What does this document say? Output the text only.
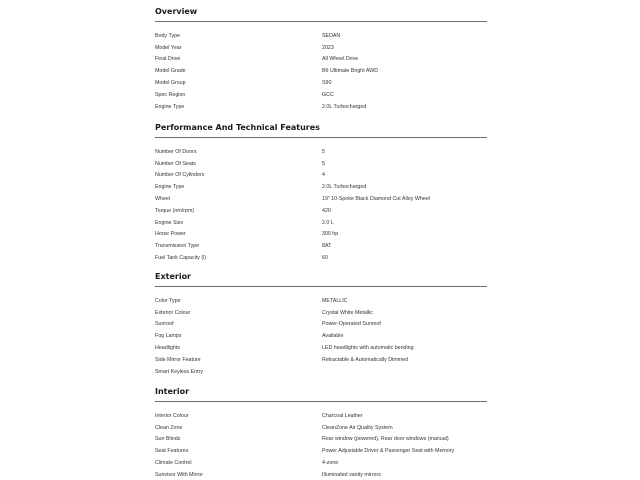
Overview
Body Type	SEDAN
Model Year	2023
Final Drive	All Wheel Drive
Model Grade	B6 Ultimate Bright AWD
Model Group	S90
Spec Region	GCC
Engine Type	2.0L Turbocharged
Performance And Technical Features
Number Of Doors	5
Number Of Seats	5
Number Of Cylinders	4
Engine Type	2.0L Turbocharged
Wheel	19" 10-Spoke Black Diamond Cut Alloy Wheel
Torque (nm/rpm)	420
Engine Size	2.0 L
Horse Power	300 hp
Transmission Type	8AT
Fuel Tank Capacity (l)	60
Exterior
Color Type	METALLIC
Exterior Colour	Crystal White Metallic
Sunroof	Power-Operated Sunroof
Fog Lamps	Available
Headlights	LED headlights with automatic bending
Side Mirror Feature	Retractable & Automatically Dimmed
Smart Keyless Entry
Interior
Interior Colour	Charcoal Leather
Clean Zone	CleanZone Air Quality System
Sun Blinds	Rear window (powered), Rear door windows (manual)
Seat Features	Power Adjustable Driver & Passenger Seat with Memory
Climate Control	4-zone
Sunvisor With Mirror	Illuminated vanity mirrors
